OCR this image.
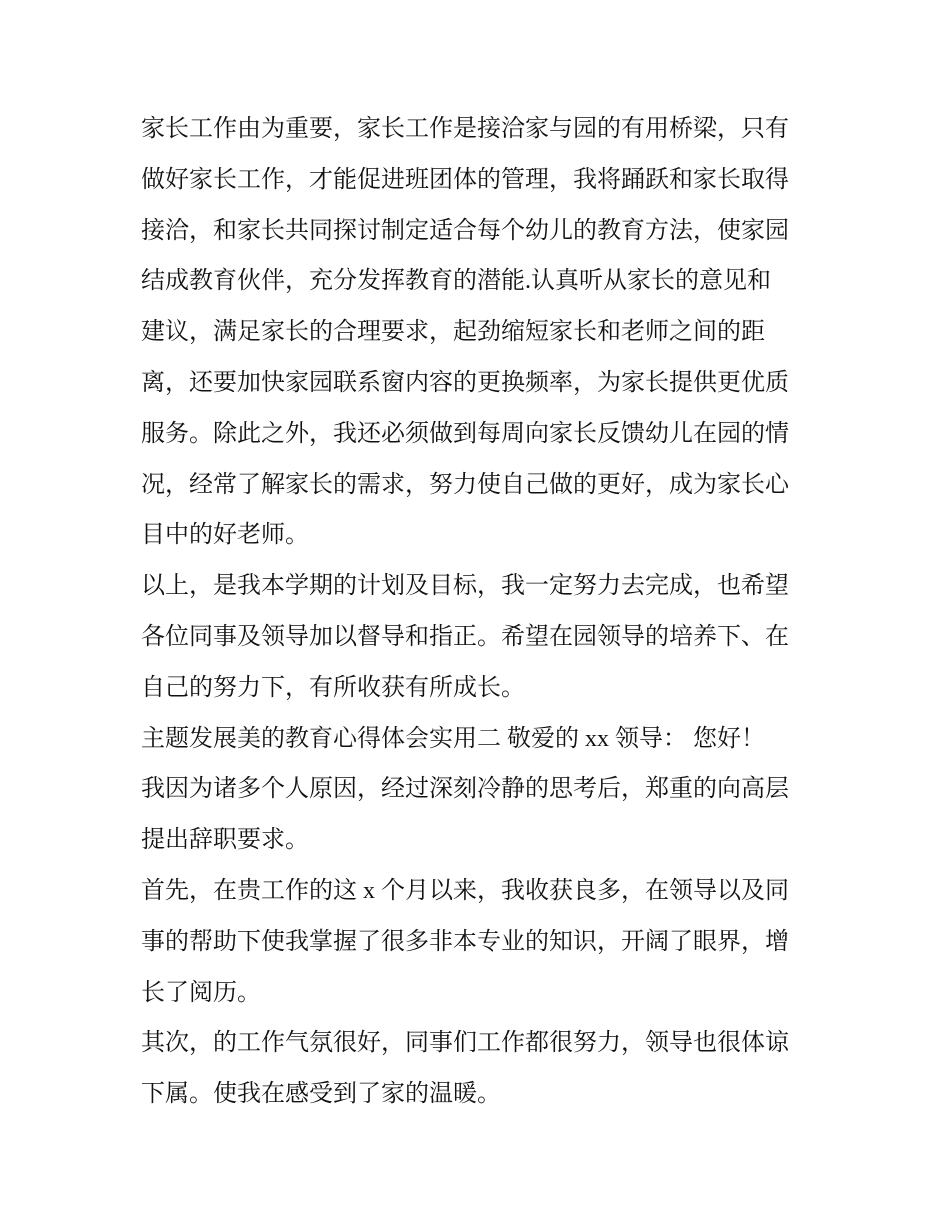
家长工作由为重要，家长工作是接洽家与园的有用桥梁，只有
做好家长工作，才能促进班团体的管理，我将踊跃和家长取得
接洽，和家长共同探讨制定适合每个幼儿的教育方法，使家园
结成教育伙伴，充分发挥教育的潜能.认真听从家长的意见和
建议，满足家长的合理要求，起劲缩短家长和老师之间的距
离，还要加快家园联系窗内容的更换频率，为家长提供更优质
服务。除此之外，我还必须做到每周向家长反馈幼儿在园的情
况，经常了解家长的需求，努力使自己做的更好，成为家长心
目中的好老师。
以上，是我本学期的计划及目标，我一定努力去完成，也希望
各位同事及领导加以督导和指正。希望在园领导的培养下、在
自己的努力下，有所收获有所成长。
主题发展美的教育心得体会实用二 敬爱的 xx 领导： 您好！
我因为诸多个人原因，经过深刻冷静的思考后，郑重的向高层
提出辞职要求。
首先，在贵工作的这 x 个月以来，我收获良多，在领导以及同
事的帮助下使我掌握了很多非本专业的知识，开阔了眼界，增
长了阅历。
其次，的工作气氛很好，同事们工作都很努力，领导也很体谅
下属。使我在感受到了家的温暖。
